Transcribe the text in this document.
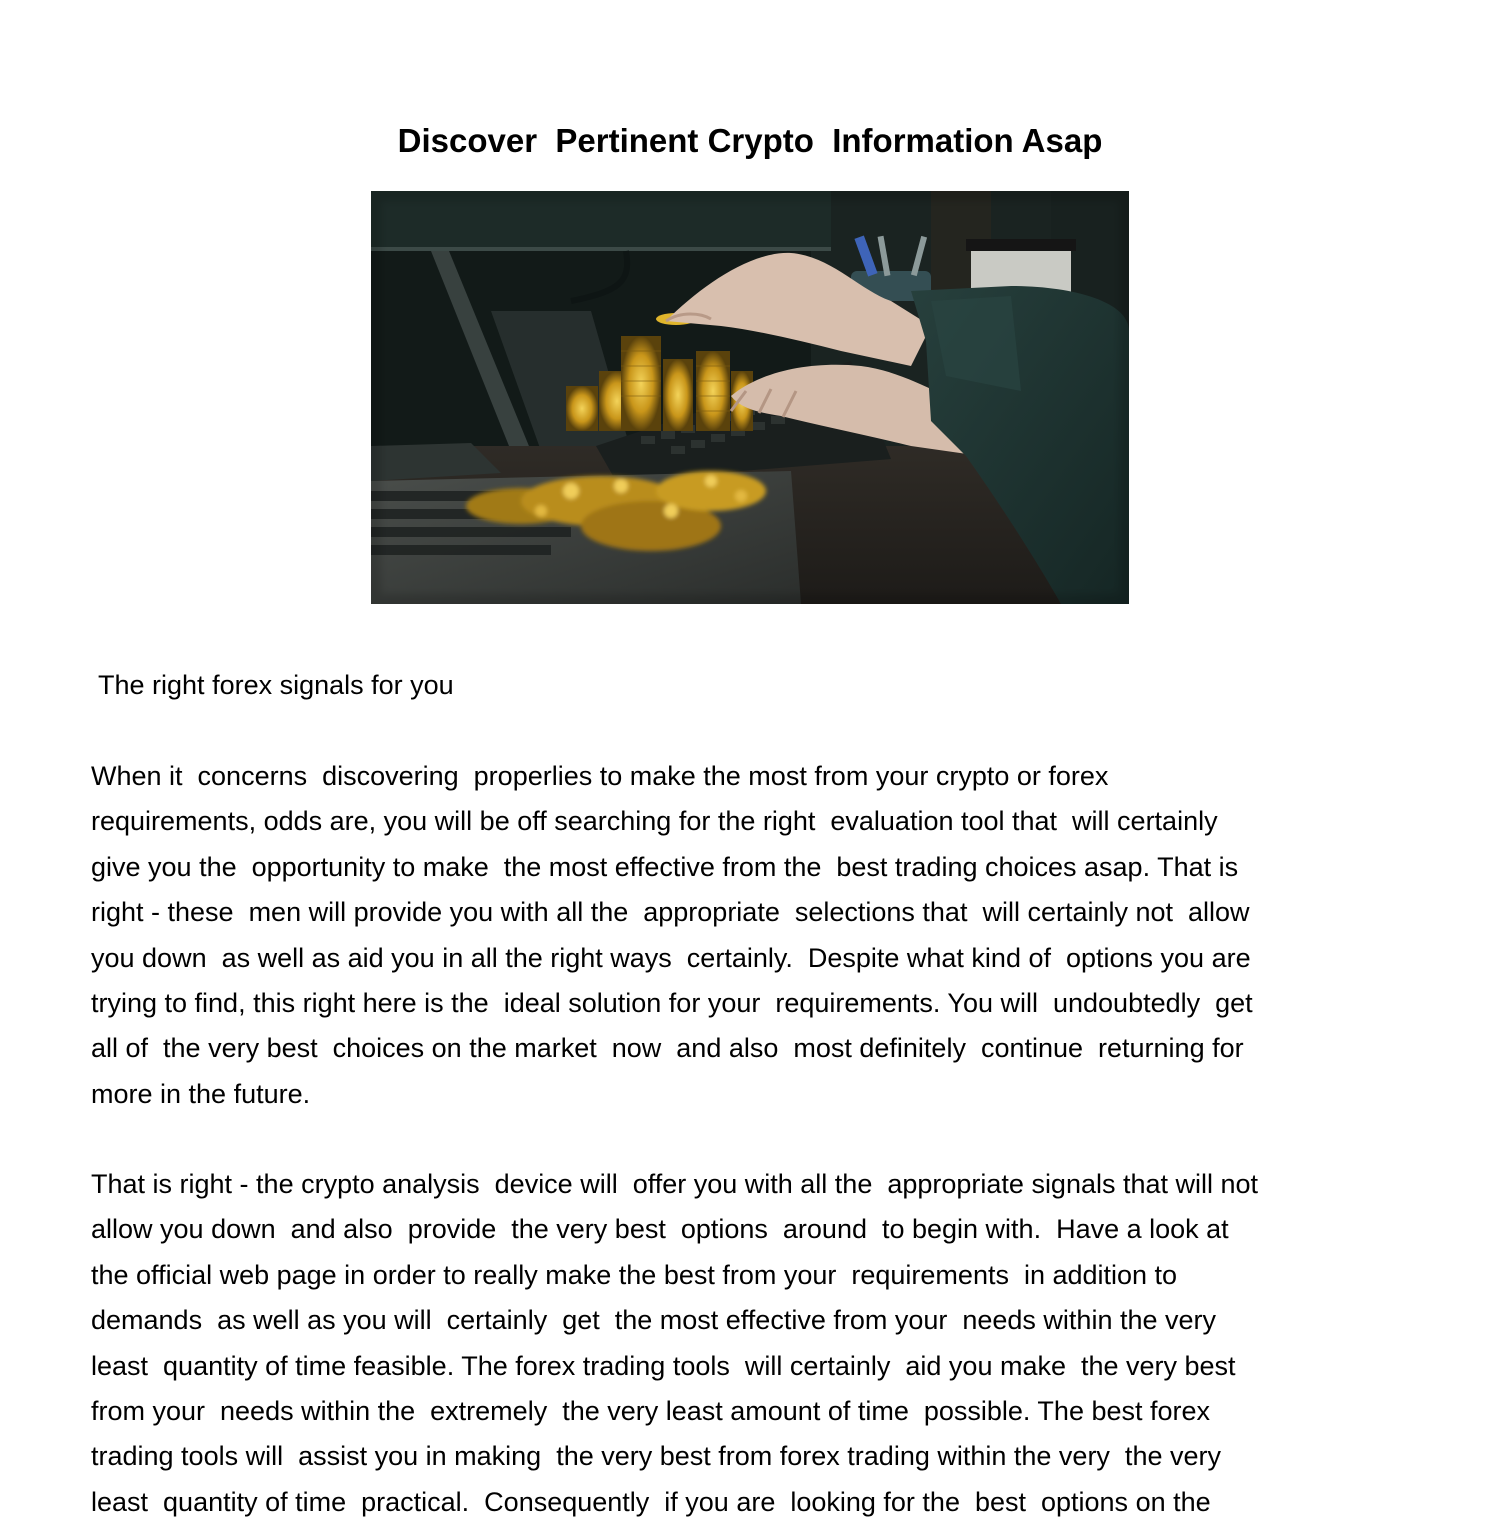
Discover  Pertinent Crypto  Information Asap
The right forex signals for you
When it  concerns  discovering  properlies to make the most from your crypto or forex
requirements, odds are, you will be off searching for the right  evaluation tool that  will certainly
give you the  opportunity to make  the most effective from the  best trading choices asap. That is
right - these  men will provide you with all the  appropriate  selections that  will certainly not  allow
you down  as well as aid you in all the right ways  certainly.  Despite what kind of  options you are
trying to find, this right here is the  ideal solution for your  requirements. You will  undoubtedly  get
all of  the very best  choices on the market  now  and also  most definitely  continue  returning for
more in the future.
That is right - the crypto analysis  device will  offer you with all the  appropriate signals that will not
allow you down  and also  provide  the very best  options  around  to begin with.  Have a look at
the official web page in order to really make the best from your  requirements  in addition to
demands  as well as you will  certainly  get  the most effective from your  needs within the very
least  quantity of time feasible. The forex trading tools  will certainly  aid you make  the very best
from your  needs within the  extremely  the very least amount of time  possible. The best forex
trading tools will  assist you in making  the very best from forex trading within the very  the very
least  quantity of time  practical.  Consequently  if you are  looking for the  best  options on the
